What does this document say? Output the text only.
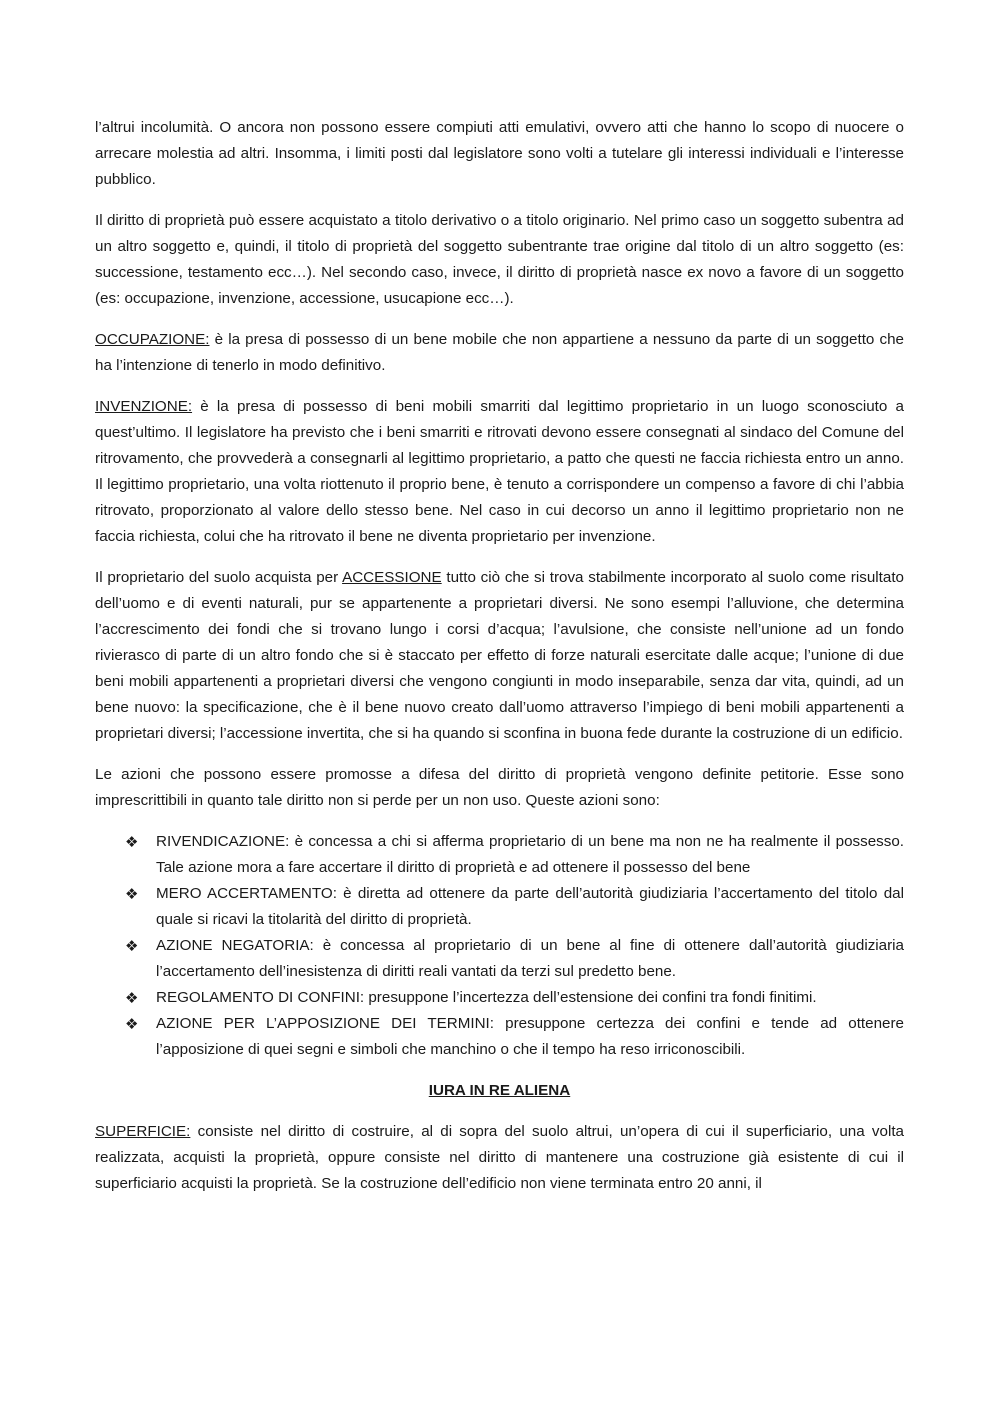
l’altrui incolumità. O ancora non possono essere compiuti atti emulativi, ovvero atti che hanno lo scopo di nuocere o arrecare molestia ad altri. Insomma, i limiti posti dal legislatore sono volti a tutelare gli interessi individuali e l’interesse pubblico.

Il diritto di proprietà può essere acquistato a titolo derivativo o a titolo originario. Nel primo caso un soggetto subentra ad un altro soggetto e, quindi, il titolo di proprietà del soggetto subentrante trae origine dal titolo di un altro soggetto (es: successione, testamento ecc…). Nel secondo caso, invece, il diritto di proprietà nasce ex novo a favore di un soggetto (es: occupazione, invenzione, accessione, usucapione ecc…).

OCCUPAZIONE: è la presa di possesso di un bene mobile che non appartiene a nessuno da parte di un soggetto che ha l’intenzione di tenerlo in modo definitivo.

INVENZIONE: è la presa di possesso di beni mobili smarriti dal legittimo proprietario in un luogo sconosciuto a quest’ultimo. Il legislatore ha previsto che i beni smarriti e ritrovati devono essere consegnati al sindaco del Comune del ritrovamento, che provvederà a consegnarli al legittimo proprietario, a patto che questi ne faccia richiesta entro un anno. Il legittimo proprietario, una volta riottenuto il proprio bene, è tenuto a corrispondere un compenso a favore di chi l’abbia ritrovato, proporzionato al valore dello stesso bene. Nel caso in cui decorso un anno il legittimo proprietario non ne faccia richiesta, colui che ha ritrovato il bene ne diventa proprietario per invenzione.

Il proprietario del suolo acquista per ACCESSIONE tutto ciò che si trova stabilmente incorporato al suolo come risultato dell’uomo e di eventi naturali, pur se appartenente a proprietari diversi. Ne sono esempi l’alluvione, che determina l’accrescimento dei fondi che si trovano lungo i corsi d’acqua; l’avulsione, che consiste nell’unione ad un fondo rivierasco di parte di un altro fondo che si è staccato per effetto di forze naturali esercitate dalle acque; l’unione di due beni mobili appartenenti a proprietari diversi che vengono congiunti in modo inseparabile, senza dar vita, quindi, ad un bene nuovo: la specificazione, che è il bene nuovo creato dall’uomo attraverso l’impiego di beni mobili appartenenti a proprietari diversi; l’accessione invertita, che si ha quando si sconfina in buona fede durante la costruzione di un edificio.

Le azioni che possono essere promosse a difesa del diritto di proprietà vengono definite petitorie. Esse sono imprescrittibili in quanto tale diritto non si perde per un non uso. Queste azioni sono:

❖ RIVENDICAZIONE: è concessa a chi si afferma proprietario di un bene ma non ne ha realmente il possesso. Tale azione mora a fare accertare il diritto di proprietà e ad ottenere il possesso del bene
❖ MERO ACCERTAMENTO: è diretta ad ottenere da parte dell’autorità giudiziaria l’accertamento del titolo dal quale si ricavi la titolarità del diritto di proprietà.
❖ AZIONE NEGATORIA: è concessa al proprietario di un bene al fine di ottenere dall’autorità giudiziaria l’accertamento dell’inesistenza di diritti reali vantati da terzi sul predetto bene.
❖ REGOLAMENTO DI CONFINI: presuppone l’incertezza dell’estensione dei confini tra fondi finitimi.
❖ AZIONE PER L’APPOSIZIONE DEI TERMINI: presuppone certezza dei confini e tende ad ottenere l’apposizione di quei segni e simboli che manchino o che il tempo ha reso irriconoscibili.
IURA IN RE ALIENA

SUPERFICIE: consiste nel diritto di costruire, al di sopra del suolo altrui, un’opera di cui il superficiario, una volta realizzata, acquisti la proprietà, oppure consiste nel diritto di mantenere una costruzione già esistente di cui il superficiario acquisti la proprietà. Se la costruzione dell’edificio non viene terminata entro 20 anni, il
